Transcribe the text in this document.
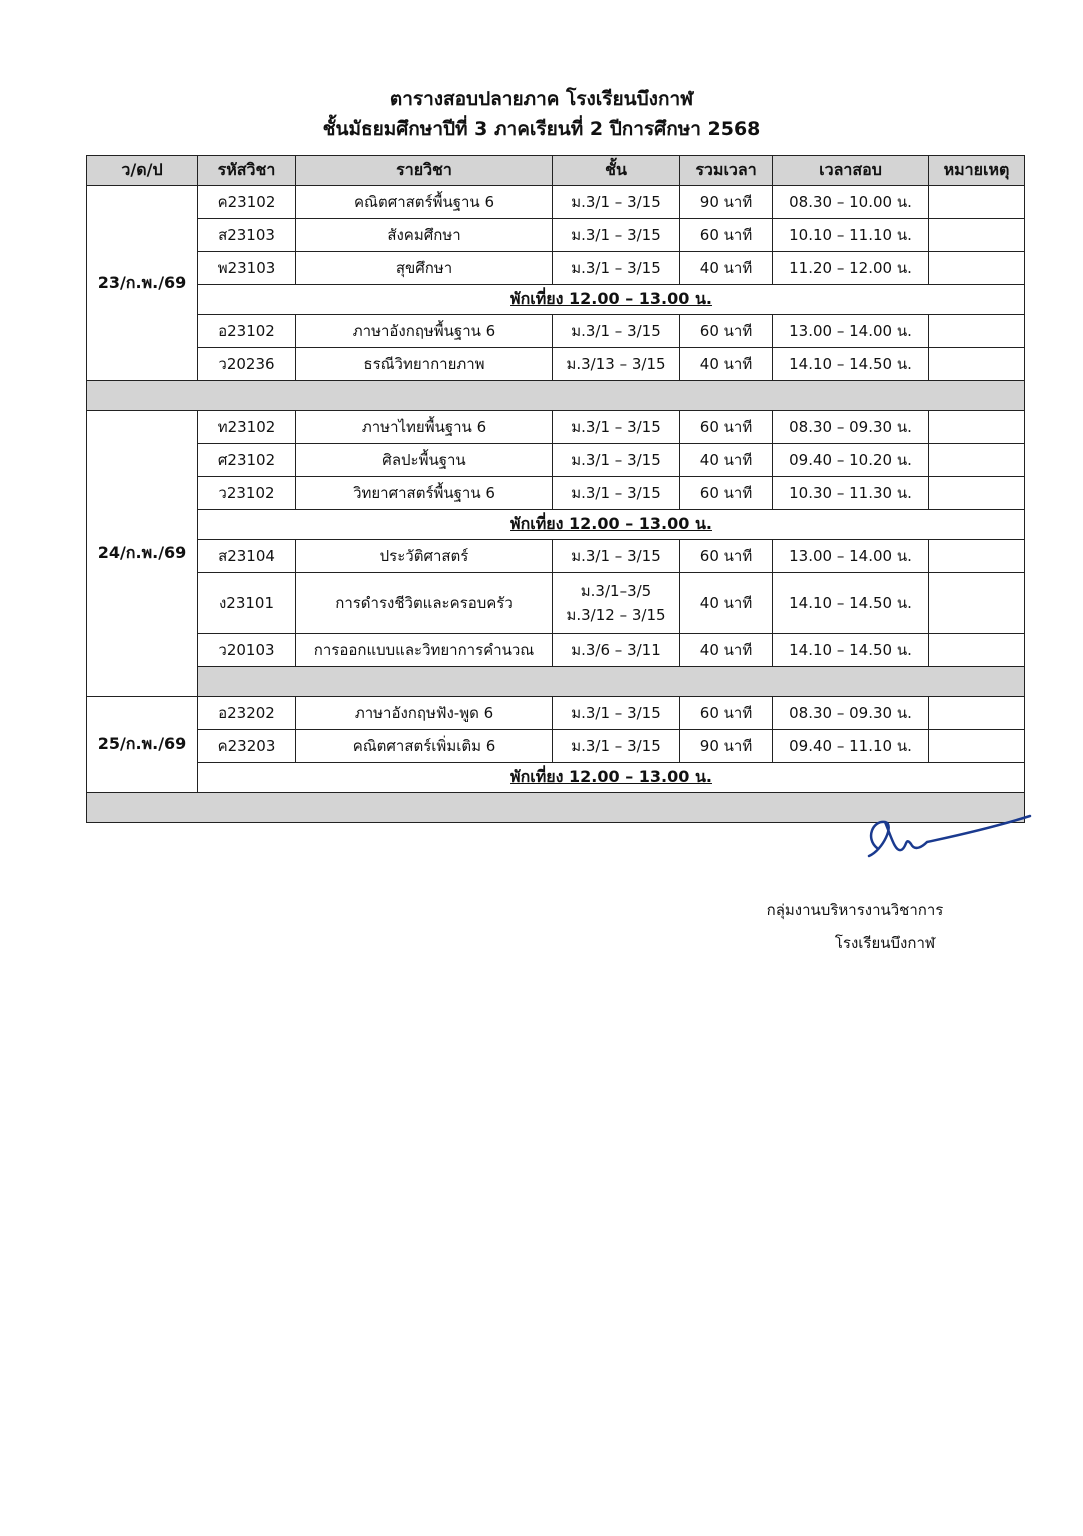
ตารางสอบปลายภาค โรงเรียนบึงกาฬ
ชั้นมัธยมศึกษาปีที่ 3 ภาคเรียนที่ 2 ปีการศึกษา 2568
ว/ด/ป	รหัสวิชา	รายวิชา	ชั้น	รวมเวลา	เวลาสอบ	หมายเหตุ
23/ก.พ./69	ค23102	คณิตศาสตร์พื้นฐาน 6	ม.3/1 – 3/15	90 นาที	08.30 – 10.00 น.	
	ส23103	สังคมศึกษา	ม.3/1 – 3/15	60 นาที	10.10 – 11.10 น.	
	พ23103	สุขศึกษา	ม.3/1 – 3/15	40 นาที	11.20 – 12.00 น.	
	พักเที่ยง 12.00 – 13.00 น.					
	อ23102	ภาษาอังกฤษพื้นฐาน 6	ม.3/1 – 3/15	60 นาที	13.00 – 14.00 น.	
	ว20236	ธรณีวิทยากายภาพ	ม.3/13 – 3/15	40 นาที	14.10 – 14.50 น.	

24/ก.พ./69	ท23102	ภาษาไทยพื้นฐาน 6	ม.3/1 – 3/15	60 นาที	08.30 – 09.30 น.	
	ศ23102	ศิลปะพื้นฐาน	ม.3/1 – 3/15	40 นาที	09.40 – 10.20 น.	
	ว23102	วิทยาศาสตร์พื้นฐาน 6	ม.3/1 – 3/15	60 นาที	10.30 – 11.30 น.	
	พักเที่ยง 12.00 – 13.00 น.					
	ส23104	ประวัติศาสตร์	ม.3/1 – 3/15	60 นาที	13.00 – 14.00 น.	
	ง23101	การดำรงชีวิตและครอบครัว	ม.3/1–3/5
ม.3/12 – 3/15	40 นาที	14.10 – 14.50 น.	
	ว20103	การออกแบบและวิทยาการคำนวณ	ม.3/6 – 3/11	40 นาที	14.10 – 14.50 น.	

25/ก.พ./69	อ23202	ภาษาอังกฤษฟัง-พูด 6	ม.3/1 – 3/15	60 นาที	08.30 – 09.30 น.	
	ค23203	คณิตศาสตร์เพิ่มเติม 6	ม.3/1 – 3/15	90 นาที	09.40 – 11.10 น.	
	พักเที่ยง 12.00 – 13.00 น.					

กลุ่มงานบริหารงานวิชาการ
โรงเรียนบึงกาฬ
